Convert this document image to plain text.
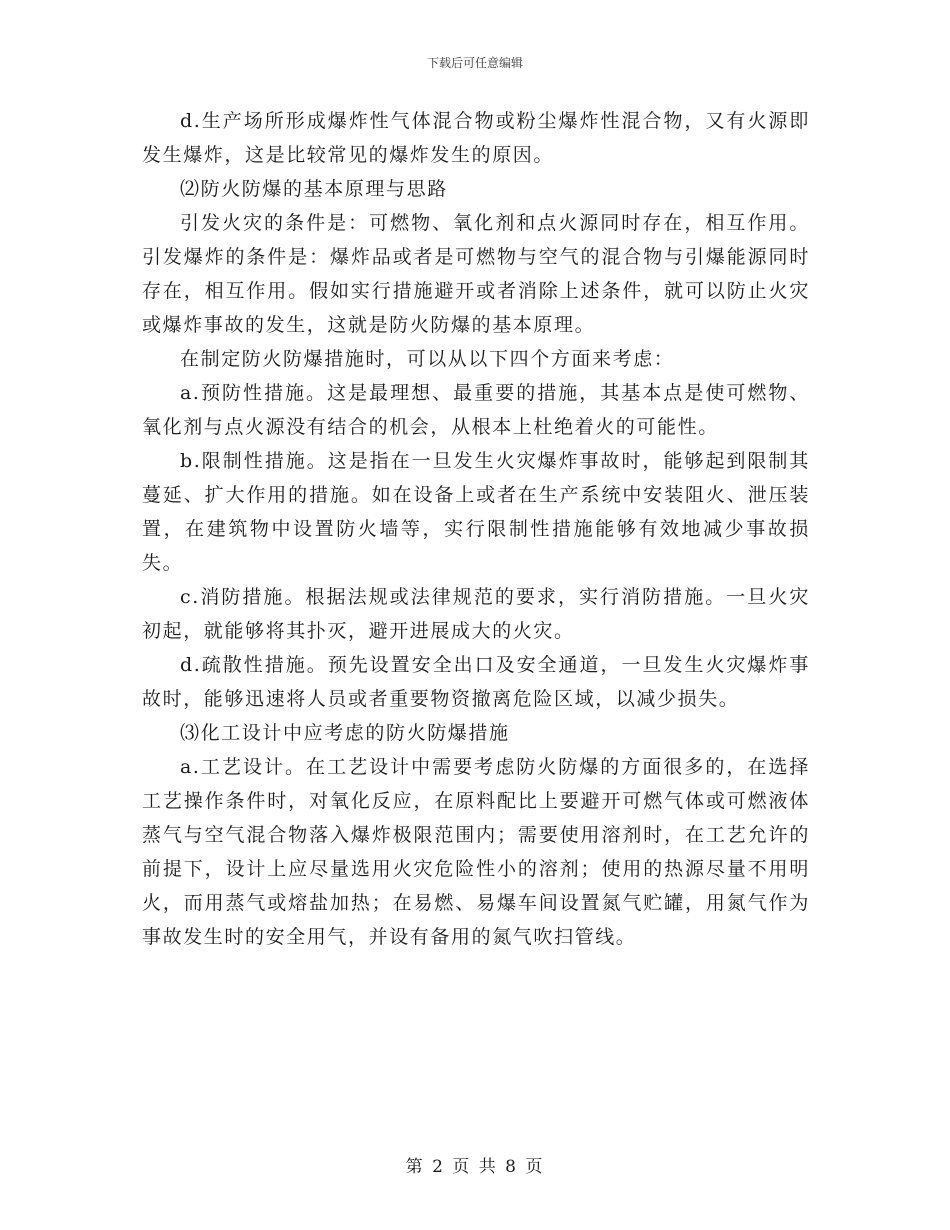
下载后可任意编辑

d.生产场所形成爆炸性气体混合物或粉尘爆炸性混合物，又有火源即发生爆炸，这是比较常见的爆炸发生的原因。

⑵防火防爆的基本原理与思路

引发火灾的条件是：可燃物、氧化剂和点火源同时存在，相互作用。引发爆炸的条件是：爆炸品或者是可燃物与空气的混合物与引爆能源同时存在，相互作用。假如实行措施避开或者消除上述条件，就可以防止火灾或爆炸事故的发生，这就是防火防爆的基本原理。

在制定防火防爆措施时，可以从以下四个方面来考虑：

a.预防性措施。这是最理想、最重要的措施，其基本点是使可燃物、氧化剂与点火源没有结合的机会，从根本上杜绝着火的可能性。

b.限制性措施。这是指在一旦发生火灾爆炸事故时，能够起到限制其蔓延、扩大作用的措施。如在设备上或者在生产系统中安装阻火、泄压装置，在建筑物中设置防火墙等，实行限制性措施能够有效地减少事故损失。

c.消防措施。根据法规或法律规范的要求，实行消防措施。一旦火灾初起，就能够将其扑灭，避开进展成大的火灾。

d.疏散性措施。预先设置安全出口及安全通道，一旦发生火灾爆炸事故时，能够迅速将人员或者重要物资撤离危险区域，以减少损失。

⑶化工设计中应考虑的防火防爆措施

a.工艺设计。在工艺设计中需要考虑防火防爆的方面很多的，在选择工艺操作条件时，对氧化反应，在原料配比上要避开可燃气体或可燃液体蒸气与空气混合物落入爆炸极限范围内；需要使用溶剂时，在工艺允许的前提下，设计上应尽量选用火灾危险性小的溶剂；使用的热源尽量不用明火，而用蒸气或熔盐加热；在易燃、易爆车间设置氮气贮罐，用氮气作为事故发生时的安全用气，并设有备用的氮气吹扫管线。

第 2 页 共 8 页
